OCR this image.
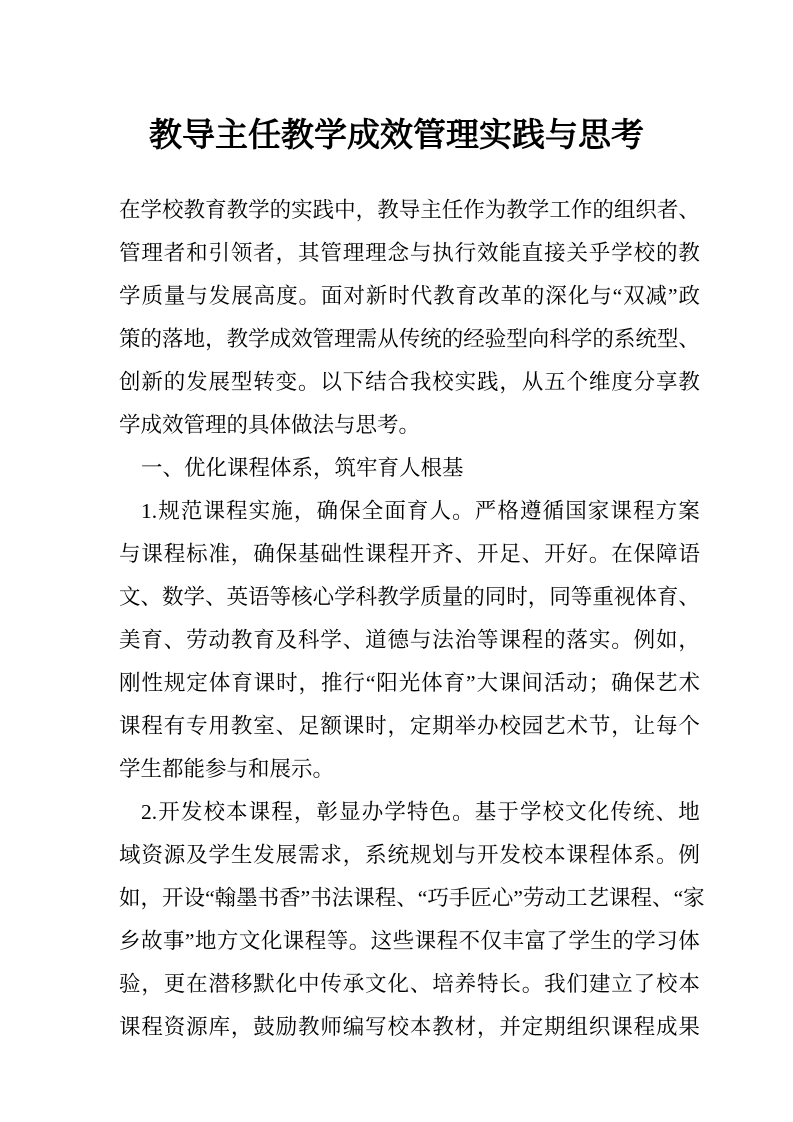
教导主任教学成效管理实践与思考
在 学 校 教 育 教 学 的 实 践 中 ， 教 导 主 任 作 为 教 学 工 作 的 组 织 者 、
管 理 者 和 引 领 者 ， 其 管 理 理 念 与 执 行 效 能 直 接 关 乎 学 校 的 教
学 质 量 与 发 展 高 度 。 面 对 新 时 代 教 育 改 革 的 深 化 与 “ 双 减 ” 政
策 的 落 地 ， 教 学 成 效 管 理 需 从 传 统 的 经 验 型 向 科 学 的 系 统 型 、
创 新 的 发 展 型 转 变 。 以 下 结 合 我 校 实 践 ， 从 五 个 维 度 分 享 教
学成效管理的具体做法与思考。
一、优化课程体系，筑牢育人根基
1. 规 范 课 程 实 施 ， 确 保 全 面 育 人 。 严 格 遵 循 国 家 课 程 方 案
与 课 程 标 准 ， 确 保 基 础 性 课 程 开 齐 、 开 足 、 开 好 。 在 保 障 语
文 、 数 学 、 英 语 等 核 心 学 科 教 学 质 量 的 同 时 ， 同 等 重 视 体 育 、
美 育 、 劳 动 教 育 及 科 学 、 道 德 与 法 治 等 课 程 的 落 实 。 例 如 ，
刚 性 规 定 体 育 课 时 ， 推 行 “ 阳 光 体 育 ” 大 课 间 活 动 ； 确 保 艺 术
课 程 有 专 用 教 室 、 足 额 课 时 ， 定 期 举 办 校 园 艺 术 节 ， 让 每 个
学生都能参与和展示。
2. 开 发 校 本 课 程 ， 彰 显 办 学 特 色 。 基 于 学 校 文 化 传 统 、 地
域 资 源 及 学 生 发 展 需 求 ， 系 统 规 划 与 开 发 校 本 课 程 体 系 。 例
如 ， 开 设 “ 翰 墨 书 香 ” 书 法 课 程 、 “ 巧 手 匠 心 ” 劳 动 工 艺 课 程 、 “ 家
乡 故 事 ” 地 方 文 化 课 程 等 。 这 些 课 程 不 仅 丰 富 了 学 生 的 学 习 体
验 ， 更 在 潜 移 默 化 中 传 承 文 化 、 培 养 特 长 。 我 们 建 立 了 校 本
课 程 资 源 库 ， 鼓 励 教 师 编 写 校 本 教 材 ， 并 定 期 组 织 课 程 成 果
